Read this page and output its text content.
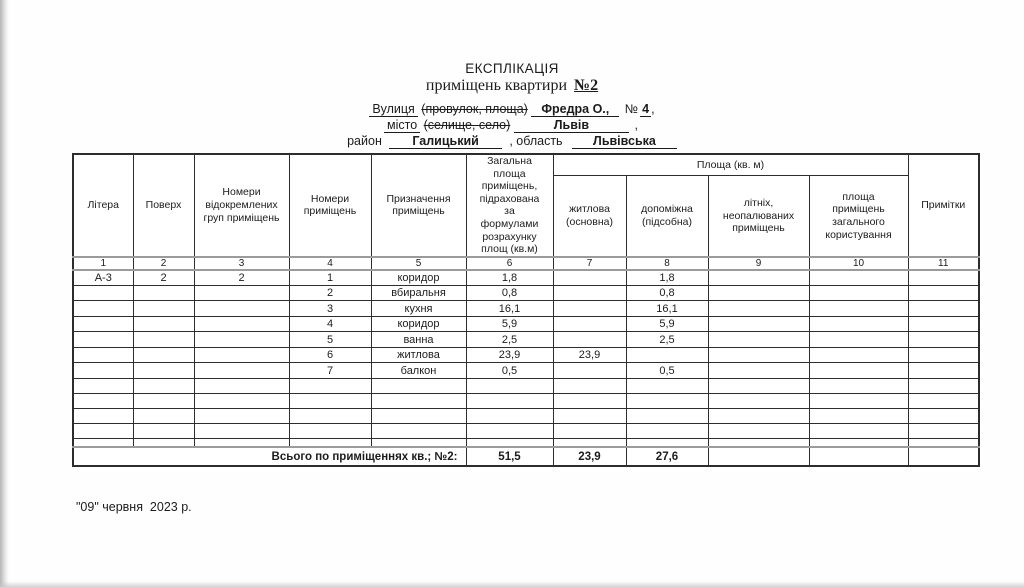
ЕКСПЛІКАЦІЯ
приміщень квартири №2
Вулиця (провулок, площа) Фредра О., № 4 ,
місто (селище, село)	Львів	,
район Галицький , область Львівська
Літера	Поверх	Номери відокремлених груп приміщень	Номери приміщень	Призначення приміщень	Загальна площа приміщень, підрахована за формулами розрахунку площ (кв.м)	Площа (кв. м)				Примітки
						житлова (основна)	допоміжна (підсобна)	літніх, неопалюваних приміщень	площа приміщень загального користування	
1	2	3	4	5	6	7	8	9	10	11
А-3	2	2	1	коридор	1,8		1,8			
			2	вбиральня	0,8		0,8			
			3	кухня	16,1		16,1			
			4	коридор	5,9		5,9			
			5	ванна	2,5		2,5			
			6	житлова	23,9	23,9				
			7	балкон	0,5		0,5			

Всього по приміщеннях кв.; №2:					51,5	23,9	27,6			
"09" червня  2023 р.
